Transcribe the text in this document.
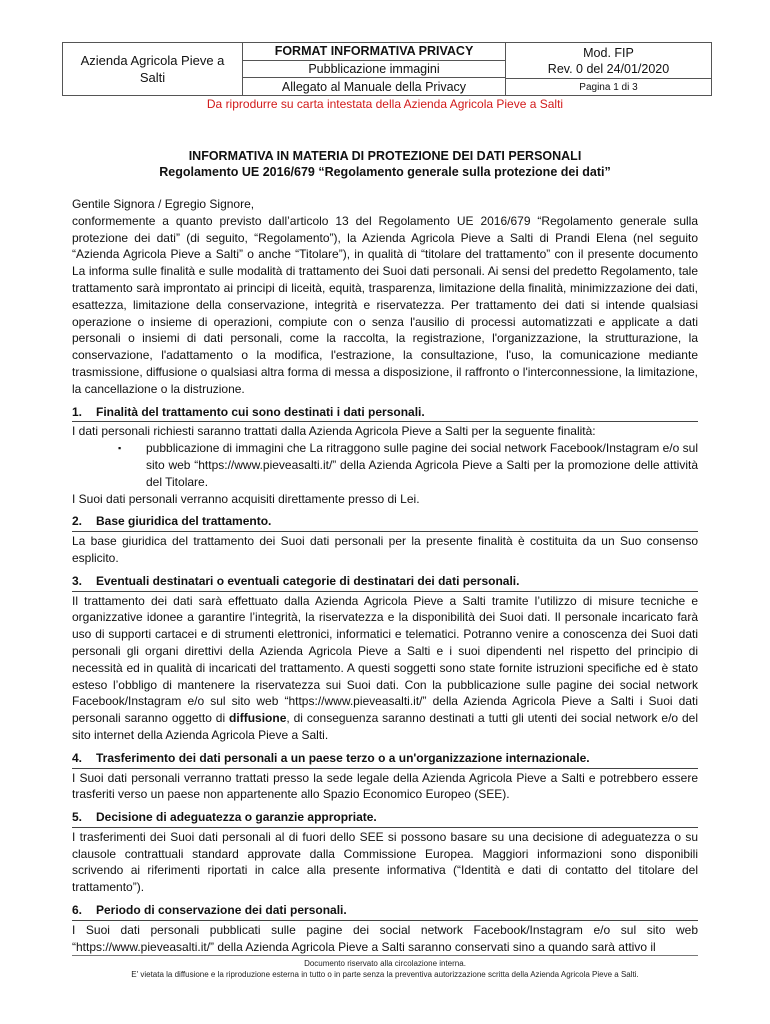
Azienda Agricola Pieve a Salti
FORMAT INFORMATIVA PRIVACY
Pubblicazione immagini
Allegato al Manuale della Privacy
Mod. FIP
Rev. 0 del 24/01/2020
Pagina 1 di 3
Da riprodurre su carta intestata della Azienda Agricola Pieve a Salti
INFORMATIVA IN MATERIA DI PROTEZIONE DEI DATI PERSONALI
Regolamento UE 2016/679 “Regolamento generale sulla protezione dei dati”

Gentile Signora / Egregio Signore,

conformemente a quanto previsto dall’articolo 13 del Regolamento UE 2016/679 “Regolamento generale sulla protezione dei dati” (di seguito, “Regolamento”), la Azienda Agricola Pieve a Salti di Prandi Elena (nel seguito “Azienda Agricola Pieve a Salti” o anche “Titolare”), in qualità di “titolare del trattamento” con il presente documento La informa sulle finalità e sulle modalità di trattamento dei Suoi dati personali. Ai sensi del predetto Regolamento, tale trattamento sarà improntato ai principi di liceità, equità, trasparenza, limitazione della finalità, minimizzazione dei dati, esattezza, limitazione della conservazione, integrità e riservatezza. Per trattamento dei dati si intende qualsiasi operazione o insieme di operazioni, compiute con o senza l'ausilio di processi automatizzati e applicate a dati personali o insiemi di dati personali, come la raccolta, la registrazione, l'organizzazione, la strutturazione, la conservazione, l'adattamento o la modifica, l'estrazione, la consultazione, l'uso, la comunicazione mediante trasmissione, diffusione o qualsiasi altra forma di messa a disposizione, il raffronto o l'interconnessione, la limitazione, la cancellazione o la distruzione.

1. Finalità del trattamento cui sono destinati i dati personali.

I dati personali richiesti saranno trattati dalla Azienda Agricola Pieve a Salti per la seguente finalità:

▪	pubblicazione di immagini che La ritraggono sulle pagine dei social network Facebook/Instagram e/o sul sito web “https://www.pieveasalti.it/” della Azienda Agricola Pieve a Salti per la promozione delle attività del Titolare.

I Suoi dati personali verranno acquisiti direttamente presso di Lei.

2. Base giuridica del trattamento.

La base giuridica del trattamento dei Suoi dati personali per la presente finalità è costituita da un Suo consenso esplicito.

3. Eventuali destinatari o eventuali categorie di destinatari dei dati personali.

Il trattamento dei dati sarà effettuato dalla Azienda Agricola Pieve a Salti tramite l’utilizzo di misure tecniche e organizzative idonee a garantire l’integrità, la riservatezza e la disponibilità dei Suoi dati. Il personale incaricato farà uso di supporti cartacei e di strumenti elettronici, informatici e telematici. Potranno venire a conoscenza dei Suoi dati personali gli organi direttivi della Azienda Agricola Pieve a Salti e i suoi dipendenti nel rispetto del principio di necessità ed in qualità di incaricati del trattamento. A questi soggetti sono state fornite istruzioni specifiche ed è stato esteso l’obbligo di mantenere la riservatezza sui Suoi dati. Con la pubblicazione sulle pagine dei social network Facebook/Instagram e/o sul sito web “https://www.pieveasalti.it/” della Azienda Agricola Pieve a Salti i Suoi dati personali saranno oggetto di diffusione, di conseguenza saranno destinati a tutti gli utenti dei social network e/o del sito internet della Azienda Agricola Pieve a Salti.

4. Trasferimento dei dati personali a un paese terzo o a un'organizzazione internazionale.

I Suoi dati personali verranno trattati presso la sede legale della Azienda Agricola Pieve a Salti e potrebbero essere trasferiti verso un paese non appartenente allo Spazio Economico Europeo (SEE).

5. Decisione di adeguatezza o garanzie appropriate.

I trasferimenti dei Suoi dati personali al di fuori dello SEE si possono basare su una decisione di adeguatezza o su clausole contrattuali standard approvate dalla Commissione Europea. Maggiori informazioni sono disponibili scrivendo ai riferimenti riportati in calce alla presente informativa (“Identità e dati di contatto del titolare del trattamento”).

6. Periodo di conservazione dei dati personali.

I Suoi dati personali pubblicati sulle pagine dei social network Facebook/Instagram e/o sul sito web “https://www.pieveasalti.it/” della Azienda Agricola Pieve a Salti saranno conservati sino a quando sarà attivo il

Documento riservato alla circolazione interna.
E' vietata la diffusione e la riproduzione esterna in tutto o in parte senza la preventiva autorizzazione scritta della Azienda Agricola Pieve a Salti.
